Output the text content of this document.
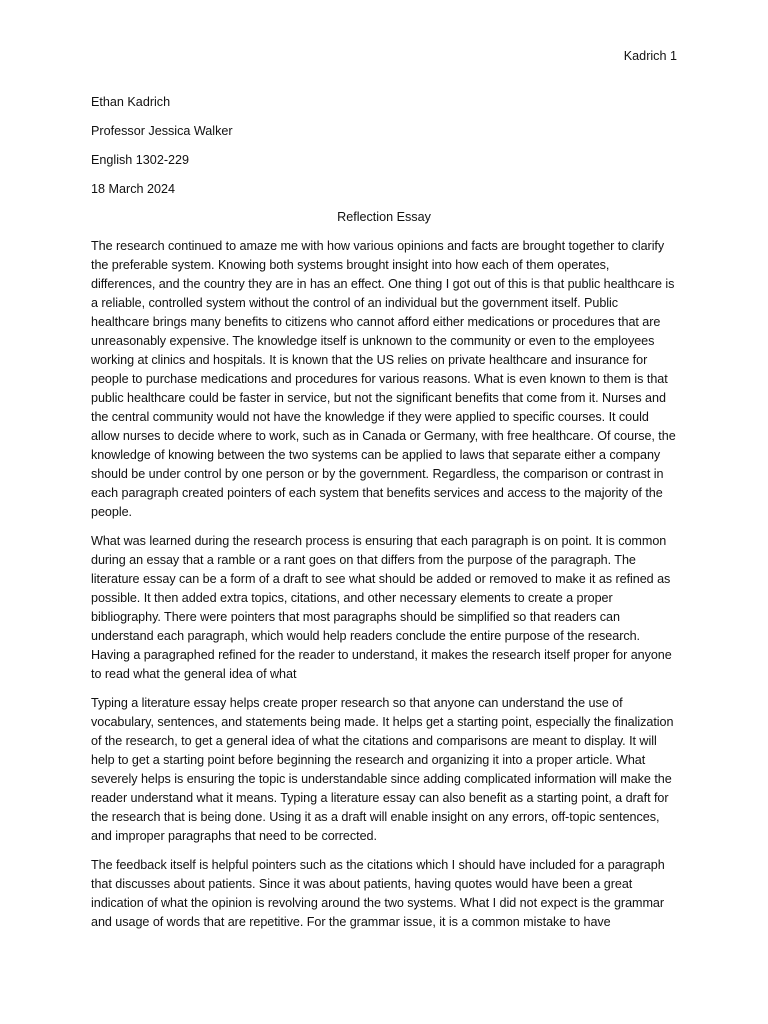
Kadrich 1
Ethan Kadrich
Professor Jessica Walker
English 1302-229
18 March 2024
Reflection Essay

The research continued to amaze me with how various opinions and facts are brought together to clarify the preferable system. Knowing both systems brought insight into how each of them operates, differences, and the country they are in has an effect. One thing I got out of this is that public healthcare is a reliable, controlled system without the control of an individual but the government itself. Public healthcare brings many benefits to citizens who cannot afford either medications or procedures that are unreasonably expensive. The knowledge itself is unknown to the community or even to the employees working at clinics and hospitals. It is known that the US relies on private healthcare and insurance for people to purchase medications and procedures for various reasons. What is even known to them is that public healthcare could be faster in service, but not the significant benefits that come from it. Nurses and the central community would not have the knowledge if they were applied to specific courses. It could allow nurses to decide where to work, such as in Canada or Germany, with free healthcare. Of course, the knowledge of knowing between the two systems can be applied to laws that separate either a company should be under control by one person or by the government. Regardless, the comparison or contrast in each paragraph created pointers of each system that benefits services and access to the majority of the people.

What was learned during the research process is ensuring that each paragraph is on point. It is common during an essay that a ramble or a rant goes on that differs from the purpose of the paragraph. The literature essay can be a form of a draft to see what should be added or removed to make it as refined as possible. It then added extra topics, citations, and other necessary elements to create a proper bibliography. There were pointers that most paragraphs should be simplified so that readers can understand each paragraph, which would help readers conclude the entire purpose of the research. Having a paragraphed refined for the reader to understand, it makes the research itself proper for anyone to read what the general idea of what

Typing a literature essay helps create proper research so that anyone can understand the use of vocabulary, sentences, and statements being made. It helps get a starting point, especially the finalization of the research, to get a general idea of what the citations and comparisons are meant to display. It will help to get a starting point before beginning the research and organizing it into a proper article. What severely helps is ensuring the topic is understandable since adding complicated information will make the reader understand what it means. Typing a literature essay can also benefit as a starting point, a draft for the research that is being done. Using it as a draft will enable insight on any errors, off-topic sentences, and improper paragraphs that need to be corrected.

The feedback itself is helpful pointers such as the citations which I should have included for a paragraph that discusses about patients. Since it was about patients, having quotes would have been a great indication of what the opinion is revolving around the two systems. What I did not expect is the grammar and usage of words that are repetitive. For the grammar issue, it is a common mistake to have
